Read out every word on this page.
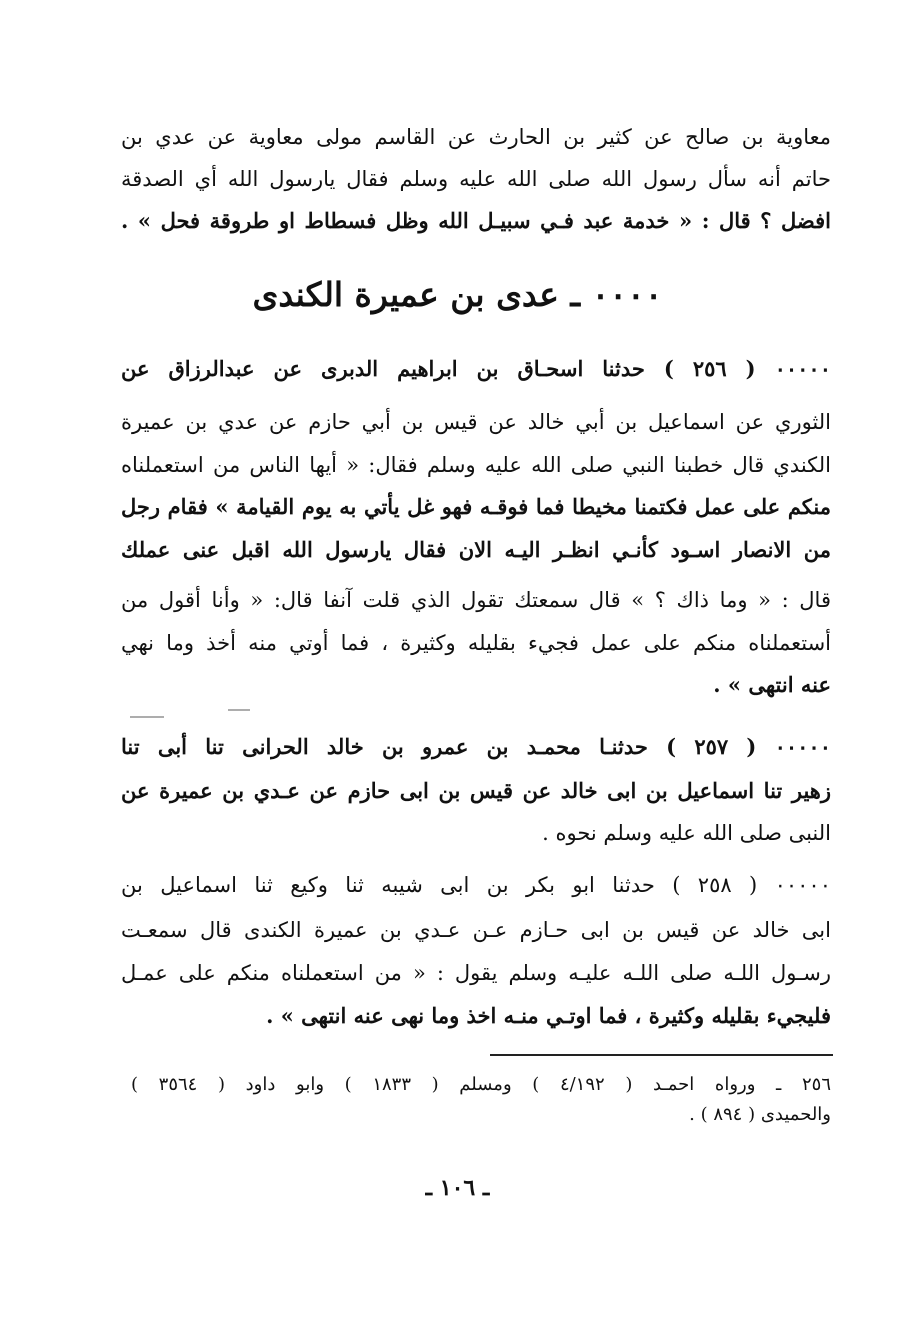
معاوية بن صالح عن كثير بن الحارث عن القاسم مولى معاوية عن عدي بن
حاتم أنه سأل رسول الله صلى الله عليه وسلم فقال يارسول الله أي الصدقة
افضل ؟ قال : « خدمة عبد فـي سبيـل الله وظل فسطاط او طروقة فحل » .
٠٠٠٠ ـ عدى بن عميرة الكندى
٠٠٠٠٠ ( ٢٥٦ ) حدثنا اسحـاق بن ابراهيم الدبرى عن عبدالرزاق عن
الثوري عن اسماعيل بن أبي خالد عن قيس بن أبي حازم عن عدي بن عميرة
الكندي قال خطبنا النبي صلى الله عليه وسلم فقال: « أيها الناس من استعملناه
منكم على عمل فكتمنا مخيطا فما فوقـه فهو غل يأتي به يوم القيامة » فقام رجل
من الانصار اسـود كأنـي انظـر اليـه الان فقال يارسول الله اقبل عنى عملك
قال : « وما ذاك ؟ » قال سمعتك تقول الذي قلت آنفا قال: « وأنا أقول من
أستعملناه منكم على عمل فجيء بقليله وكثيرة ، فما أوتي منه أخذ وما نهي
عنه انتهى » .
٠٠٠٠٠ ( ٢٥٧ ) حدثنـا محمـد بن عمرو بن خالد الحرانى تنا أبى تنا
زهير تنا اسماعيل بن ابى خالد عن قيس بن ابى حازم عن عـدي بن عميرة عن
النبى صلى الله عليه وسلم نحوه .
٠٠٠٠٠ ( ٢٥٨ ) حدثنا ابو بكر بن ابى شيبه ثنا وكيع ثنا اسماعيل بن
ابى خالد عن قيس بن ابى حـازم عـن عـدي بن عميرة الكندى قال سمعـت
رسـول اللـه صلى اللـه عليـه وسلم يقول : « من استعملناه منكم على عمـل
فليجيء بقليله وكثيرة ، فما اوتـي منـه اخذ وما نهى عنه انتهى » .
٢٥٦ ـ ورواه احمـد ( ٤/١٩٢ ) ومسلم ( ١٨٣٣ ) وابو داود ( ٣٥٦٤ )
والحميدى ( ٨٩٤ ) .
ـ ١٠٦ ـ
